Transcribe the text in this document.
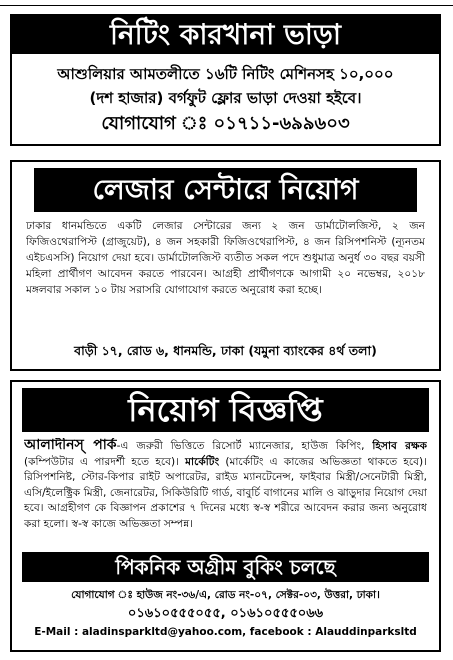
নিটিং কারখানা ভাড়া
আশুলিয়ার আমতলীতে ১৬টি নিটিং মেশিনসহ ১০,০০০
(দশ হাজার) বর্গফুট ফ্লোর ভাড়া দেওয়া হইবে।
যোগাযোগ ঃ ০১৭১১-৬৯৯৬০৩
লেজার সেন্টারে নিয়োগ
ঢাকার ধানমন্ডিতে একটি লেজার সেন্টারের জন্য ২ জন ডার্মাটোলজিস্ট, ২ জন ফিজিওথেরাপিস্ট (গ্রাজুয়েট), ৪ জন সহকারী ফিজিওথেরাপিস্ট, ৪ জন রিসিপশনিস্ট (ন্যূনতম এইচএসসি) নিয়োগ দেয়া হবে। ডার্মাটোলজিস্ট ব্যতীত সকল পদে শুধুমাত্র অনুর্ধ ৩০ বছর বয়সী মহিলা প্রার্থীগণ আবেদন করতে পারবেন। আগ্রহী প্রার্থীগণকে আগামী ২০ নভেম্বর, ২০১৮ মঙ্গলবার সকাল ১০ টায় সরাসরি যোগাযোগ করতে অনুরোধ করা হচ্ছে।
বাড়ী ১৭, রোড ৬, ধানমন্ডি, ঢাকা (যমুনা ব্যাংকের ৪র্থ তলা)
নিয়োগ বিজ্ঞপ্তি
আলাদীনস্ পার্ক-এ জরুরী ভিত্তিতে রিসোর্ট ম্যানেজার, হাউজ কিপিং, হিসাব রক্ষক (কম্পিউটার এ পারদর্শী হতে হবে)। মার্কেটিং (মার্কেটিং এ কাজের অভিজ্ঞতা থাকতে হবে)। রিসিপশনিষ্ট, স্টোর-কিপার রাইট অপারেটর, রাইড ম্যানটেনেন্স, ফাইবার মিস্ত্রী/সেনেটারী মিস্ত্রী, এসি/ইলেক্ট্রিক মিস্ত্রী, জেনারেটর, সিকিউরিটি গার্ড, বাবুর্চি বাগানের মালি ও ঝাড়ুদার নিয়োগ দেয়া হবে। আগ্রহীগণ কে বিজ্ঞাপন প্রকাশের ৭ দিনের মধ্যে স্ব-স্ব শরীরে আবেদন করার জন্য অনুরোধ করা হলো। স্ব-স্ব কাজে অভিজ্ঞতা সম্পন্ন।
পিকনিক অগ্রীম বুকিং চলছে
যোগাযোগ ঃ হাউজ নং-৩৬/এ, রোড নং-০৭, সেক্টর-০৩, উত্তরা, ঢাকা।
০১৬১০৫৫৫০৫৫, ০১৬১০৫৫৫০৬৬
E-Mail : aladinsparkltd@yahoo.com, facebook : Alauddinparksltd
